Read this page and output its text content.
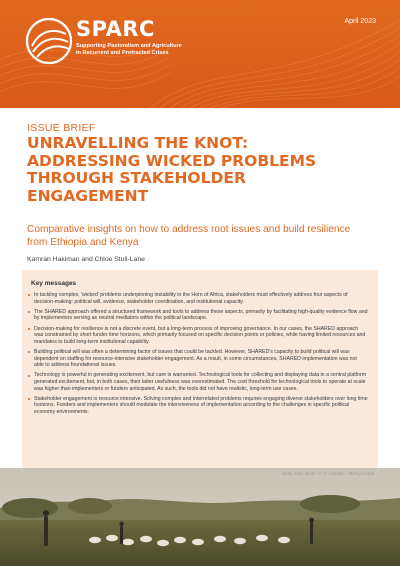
SPARC
Supporting Pastoralism and Agriculture in Recurrent and Protracted Crises
April 2023
ISSUE BRIEF
UNRAVELLING THE KNOT:
ADDRESSING WICKED PROBLEMS
THROUGH STAKEHOLDER
ENGAGEMENT
Comparative insights on how to address root issues and build resilience from Ethiopia and Kenya
Kamran Hakiman and Chloe Stull-Lane
Key messages
In tackling complex, 'wicked' problems underpinning instability in the Horn of Africa, stakeholders must effectively address four aspects of decision-making: political will, evidence, stakeholder coordination, and institutional capacity.
The SHARED approach offered a structured framework and tools to address these aspects, primarily by facilitating high-quality evidence flow and by implementers serving as neutral mediators within the political landscape.
Decision-making for resilience is not a discrete event, but a long-term process of improving governance. In our cases, the SHARED approach was constrained by short funder time horizons, which primarily focused on specific decision points or policies, while having limited resources and mandates to build long-term institutional capability.
Building political will was often a determining factor of issues that could be tackled. However, SHARED's capacity to build political will was dependent on staffing for resource-intensive stakeholder engagement. As a result, in some circumstances, SHARED implementation was not able to address foundational issues.
Technology is powerful in generating excitement, but care is warranted. Technological tools for collecting and displaying data in a central platform generated excitement, but, in both cases, their latter usefulness was overestimated. The cost threshold for technological tools to operate at scale was higher than implementers or funders anticipated. As such, the tools did not have realistic, long-term use cases.
Stakeholder engagement is resource intensive. Solving complex and interrelated problems requires engaging diverse stakeholders over long time horizons. Funders and implementers should modulate the intensiveness of implementation according to the challenges in specific political economy environments.
Isiolo, May 2019 · © G. Humble / Mercy Corps
